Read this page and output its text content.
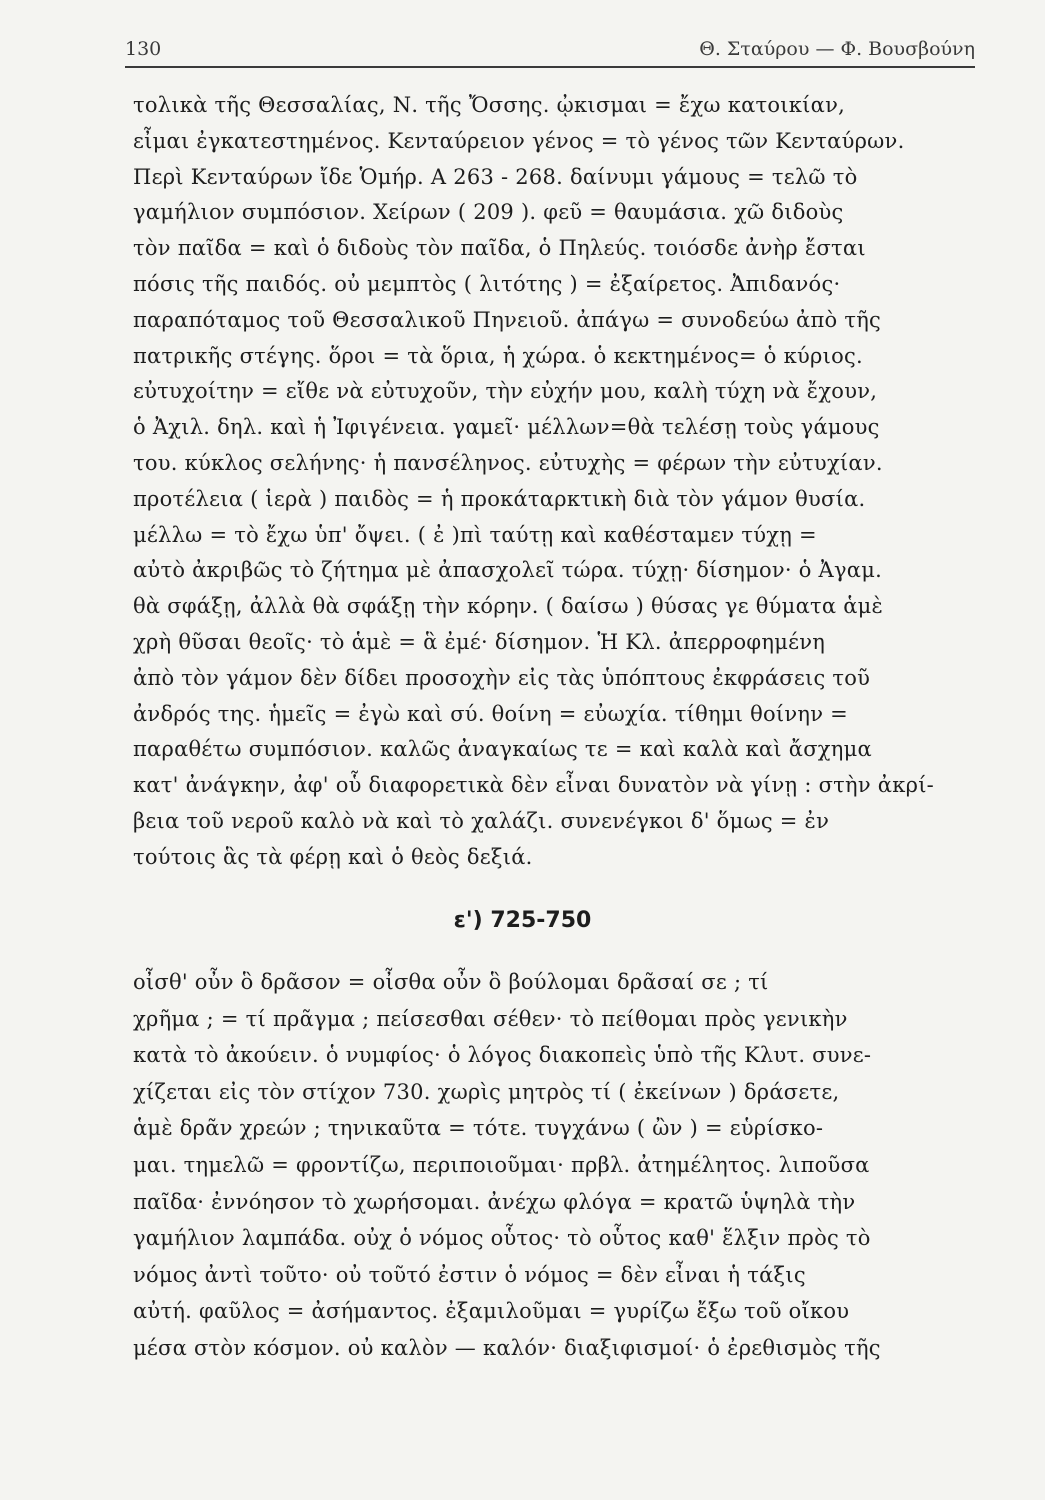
130	Θ. Σταύρου — Φ. Βουσβούνη
τολικὰ τῆς Θεσσαλίας, Ν. τῆς Ὄσσης. ᾠκισμαι = ἔχω κατοικίαν,
εἶμαι ἐγκατεστημένος. Κενταύρειον γένος = τὸ γένος τῶν Κενταύρων.
Περὶ Κενταύρων ἴδε Ὁμήρ. Α 263 - 268. δαίνυμι γάμους = τελῶ τὸ
γαμήλιον συμπόσιον. Χείρων ( 209 ). φεῦ = θαυμάσια. χῶ διδοὺς
τὸν παῖδα = καὶ ὁ διδοὺς τὸν παῖδα, ὁ Πηλεύς. τοιόσδε ἀνὴρ ἔσται
πόσις τῆς παιδός. οὐ μεμπτὸς ( λιτότης ) = ἐξαίρετος. Ἀπιδανός·
παραπόταμος τοῦ Θεσσαλικοῦ Πηνειοῦ. ἀπάγω = συνοδεύω ἀπὸ τῆς
πατρικῆς στέγης. ὅροι = τὰ ὅρια, ἡ χώρα. ὁ κεκτημένος= ὁ κύριος.
εὐτυχοίτην = εἴθε νὰ εὐτυχοῦν, τὴν εὐχήν μου, καλὴ τύχη νὰ ἔχουν,
ὁ Ἀχιλ. δηλ. καὶ ἡ Ἰφιγένεια. γαμεῖ· μέλλων=θὰ τελέσῃ τοὺς γάμους
του. κύκλος σελήνης· ἡ πανσέληνος. εὐτυχὴς = φέρων τὴν εὐτυχίαν.
προτέλεια ( ἱερὰ ) παιδὸς = ἡ προκάταρκτικὴ διὰ τὸν γάμον θυσία.
μέλλω = τὸ ἔχω ὑπ' ὄψει. ( ἐ )πὶ ταύτῃ καὶ καθέσταμεν τύχῃ =
αὐτὸ ἀκριβῶς τὸ ζήτημα μὲ ἀπασχολεῖ τώρα. τύχῃ· δίσημον· ὁ Ἀγαμ.
θὰ σφάξῃ, ἀλλὰ θὰ σφάξῃ τὴν κόρην. ( δαίσω ) θύσας γε θύματα ἁμὲ
χρὴ θῦσαι θεοῖς· τὸ ἁμὲ = ἃ ἐμέ· δίσημον. Ἡ Κλ. ἀπερροφημένη
ἀπὸ τὸν γάμον δὲν δίδει προσοχὴν εἰς τὰς ὑπόπτους ἐκφράσεις τοῦ
ἀνδρός της. ἡμεῖς = ἐγὼ καὶ σύ. θοίνη = εὐωχία. τίθημι θοίνην =
παραθέτω συμπόσιον. καλῶς ἀναγκαίως τε = καὶ καλὰ καὶ ἄσχημα
κατ' ἀνάγκην, ἀφ' οὗ διαφορετικὰ δὲν εἶναι δυνατὸν νὰ γίνῃ : στὴν ἀκρί-
βεια τοῦ νεροῦ καλὸ νὰ καὶ τὸ χαλάζι. συνενέγκοι δ' ὅμως = ἐν
τούτοις ἃς τὰ φέρῃ καὶ ὁ θεὸς δεξιά.
ε') 725-750
οἶσθ' οὖν ὃ δρᾶσον = οἶσθα οὖν ὃ βούλομαι δρᾶσαί σε ; τί
χρῆμα ; = τί πρᾶγμα ; πείσεσθαι σέθεν· τὸ πείθομαι πρὸς γενικὴν
κατὰ τὸ ἀκούειν. ὁ νυμφίος· ὁ λόγος διακοπεὶς ὑπὸ τῆς Κλυτ. συνε-
χίζεται εἰς τὸν στίχον 730. χωρὶς μητρὸς τί ( ἐκείνων ) δράσετε,
ἁμὲ δρᾶν χρεών ; τηνικαῦτα = τότε. τυγχάνω ( ὢν ) = εὑρίσκο-
μαι. τημελῶ = φροντίζω, περιποιοῦμαι· πρβλ. ἀτημέλητος. λιποῦσα
παῖδα· ἐννόησον τὸ χωρήσομαι. ἀνέχω φλόγα = κρατῶ ὑψηλὰ τὴν
γαμήλιον λαμπάδα. οὐχ ὁ νόμος οὗτος· τὸ οὗτος καθ' ἕλξιν πρὸς τὸ
νόμος ἀντὶ τοῦτο· οὐ τοῦτό ἐστιν ὁ νόμος = δὲν εἶναι ἡ τάξις
αὐτή. φαῦλος = ἀσήμαντος. ἐξαμιλοῦμαι = γυρίζω ἔξω τοῦ οἴκου
μέσα στὸν κόσμον. οὐ καλὸν — καλόν· διαξιφισμοί· ὁ ἐρεθισμὸς τῆς
